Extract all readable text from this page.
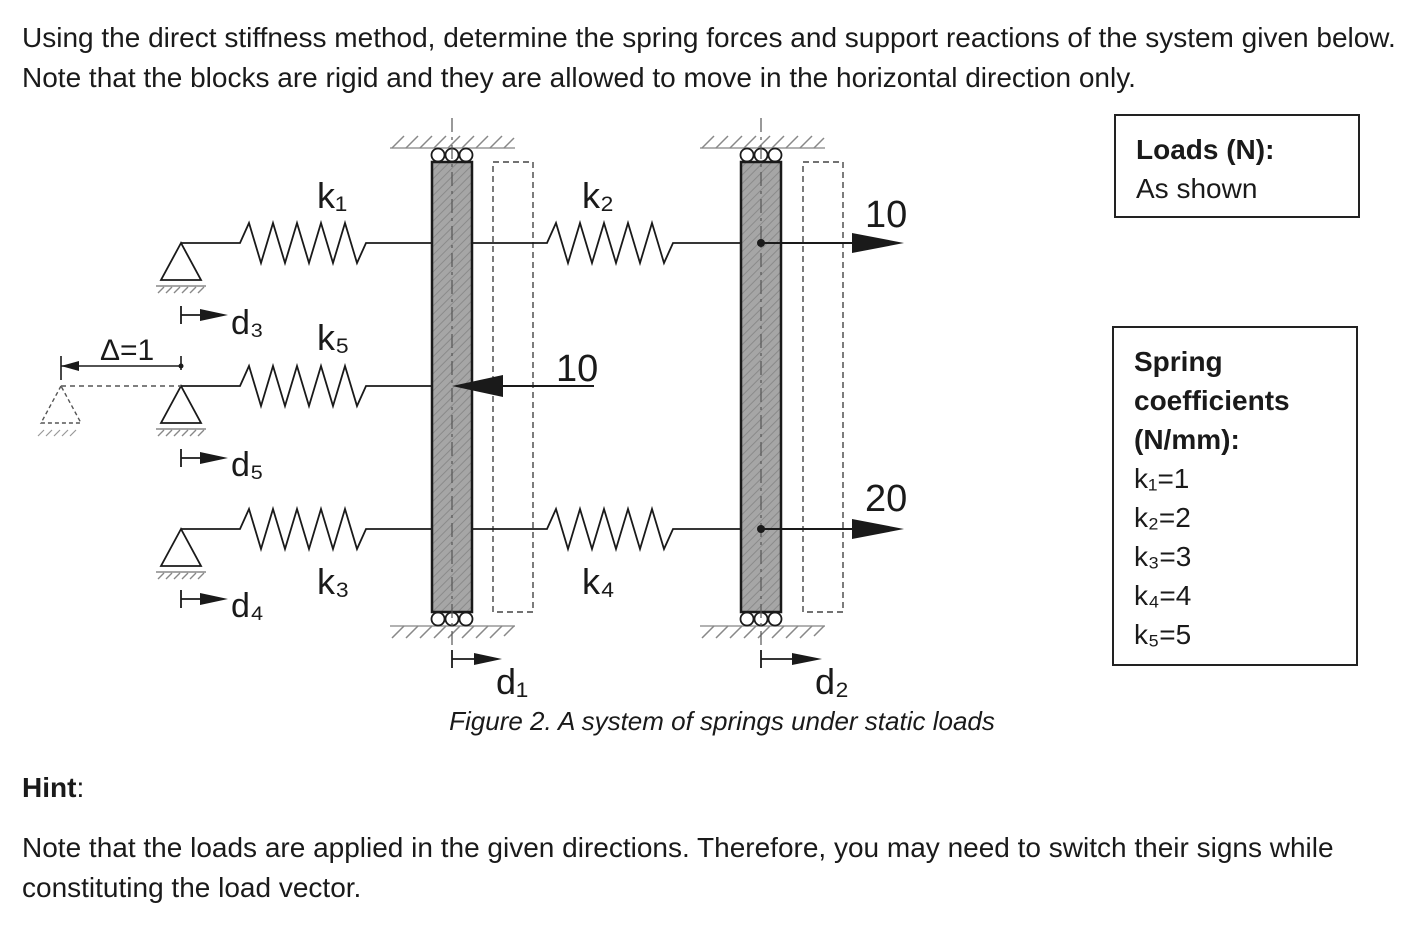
Using the direct stiffness method, determine the spring forces and support reactions of the system given below. Note that the blocks are rigid and they are allowed to move in the horizontal direction only.

Δ=1
k₁	k₂
k₅
k₃	k₄
10
10
20
d₃
d₅
d₄
d₁	d₂
Loads (N):
As shown
Spring
coefficients
(N/mm):
k₁=1
k₂=2
k₃=3
k₄=4
k₅=5
Figure 2. A system of springs under static loads
Hint:
Note that the loads are applied in the given directions. Therefore, you may need to switch their signs while constituting the load vector.
